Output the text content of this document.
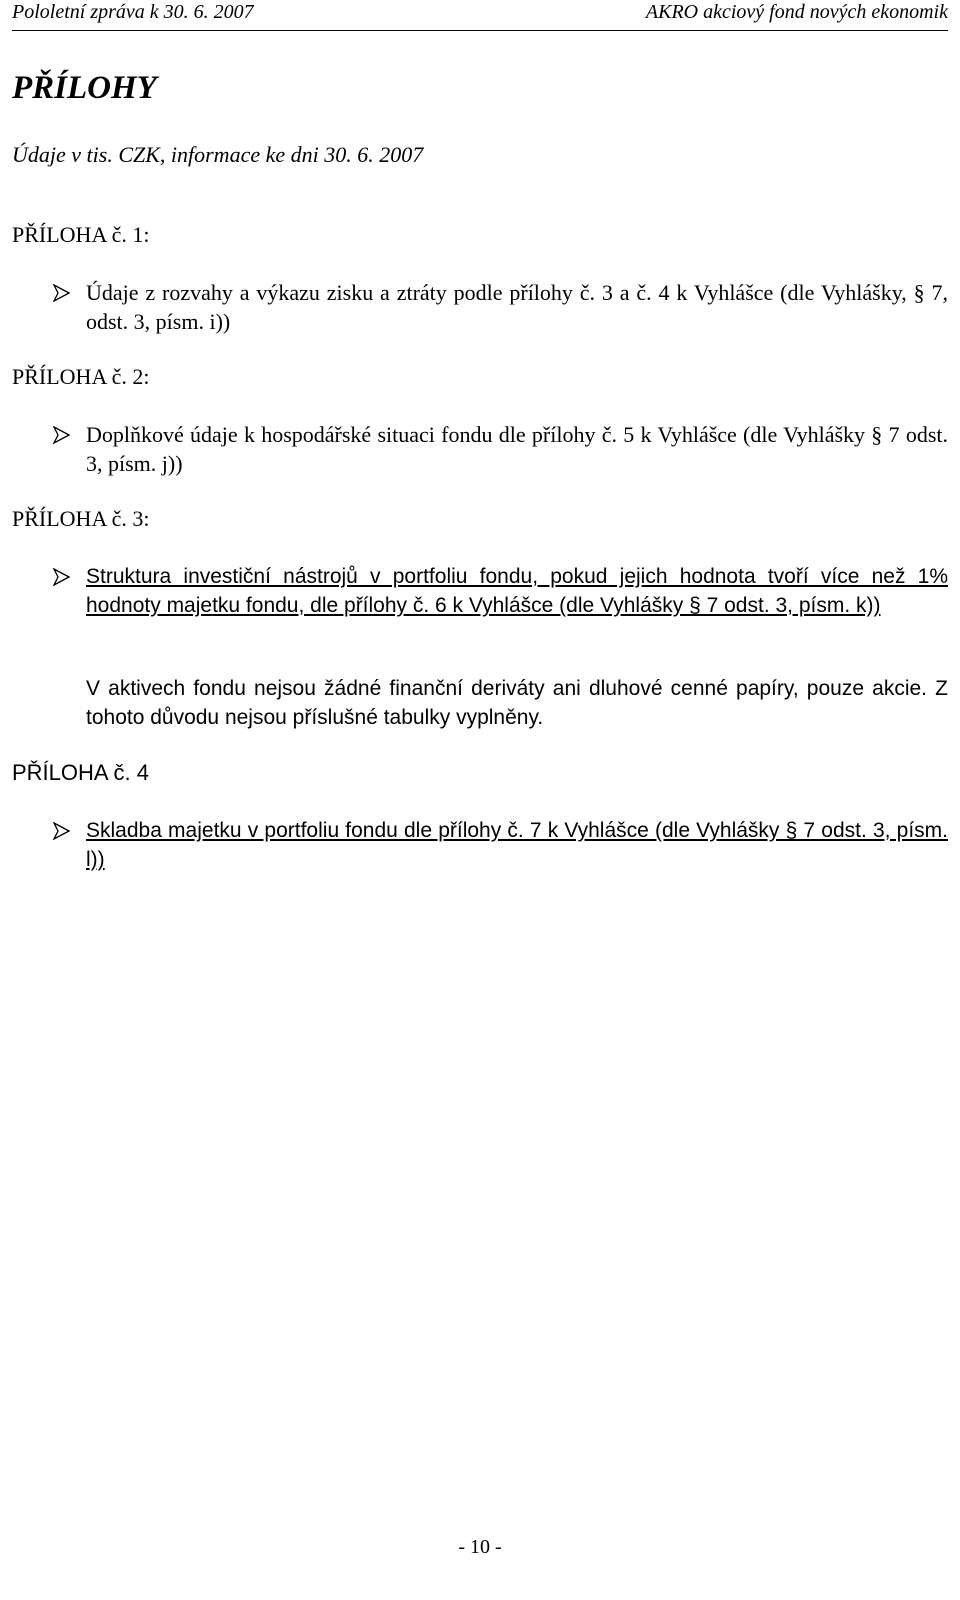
Pololetní zpráva k 30. 6. 2007	AKRO akciový fond nových ekonomik
PŘÍLOHY
Údaje v tis. CZK, informace ke dni 30. 6. 2007
PŘÍLOHA č. 1:
Údaje z rozvahy a výkazu zisku a ztráty podle přílohy č. 3 a č. 4 k Vyhlášce (dle Vyhlášky, § 7, odst. 3, písm. i))
PŘÍLOHA č. 2:
Doplňkové údaje k hospodářské situaci fondu dle přílohy č. 5 k Vyhlášce (dle Vyhlášky § 7 odst. 3, písm. j))
PŘÍLOHA č. 3:
Struktura investiční nástrojů v portfoliu fondu, pokud jejich hodnota tvoří více než 1% hodnoty majetku fondu, dle přílohy č. 6 k Vyhlášce (dle Vyhlášky § 7 odst. 3, písm. k))
V aktivech fondu nejsou žádné finanční deriváty ani dluhové cenné papíry, pouze akcie. Z tohoto důvodu nejsou příslušné tabulky vyplněny.
PŘÍLOHA č. 4
Skladba majetku v portfoliu fondu dle přílohy č. 7 k Vyhlášce (dle Vyhlášky § 7 odst. 3, písm. l))
- 10 -
